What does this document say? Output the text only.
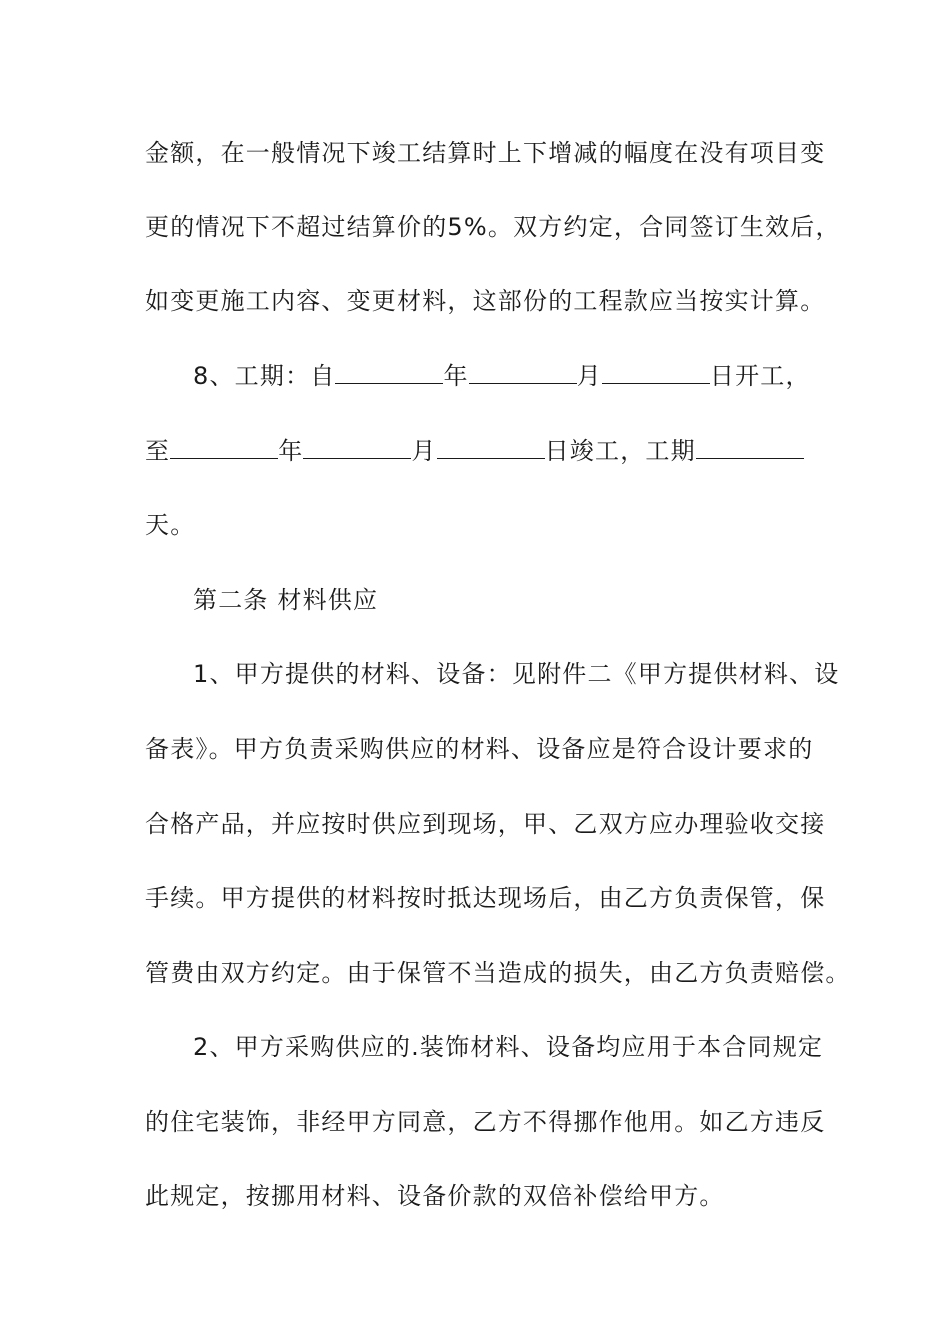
金额，在一般情况下竣工结算时上下增减的幅度在没有项目变
更的情况下不超过结算价的5%。双方约定，合同签订生效后，
如变更施工内容、变更材料，这部份的工程款应当按实计算。
8、工期：自	年	月	日开工，
至	年	月	日竣工，工期
天。
第二条 材料供应
1、甲方提供的材料、设备：见附件二《甲方提供材料、设
备表》。甲方负责采购供应的材料、设备应是符合设计要求的
合格产品，并应按时供应到现场，甲、乙双方应办理验收交接
手续。甲方提供的材料按时抵达现场后，由乙方负责保管，保
管费由双方约定。由于保管不当造成的损失，由乙方负责赔偿。
2、甲方采购供应的.装饰材料、设备均应用于本合同规定
的住宅装饰，非经甲方同意，乙方不得挪作他用。如乙方违反
此规定，按挪用材料、设备价款的双倍补偿给甲方。
